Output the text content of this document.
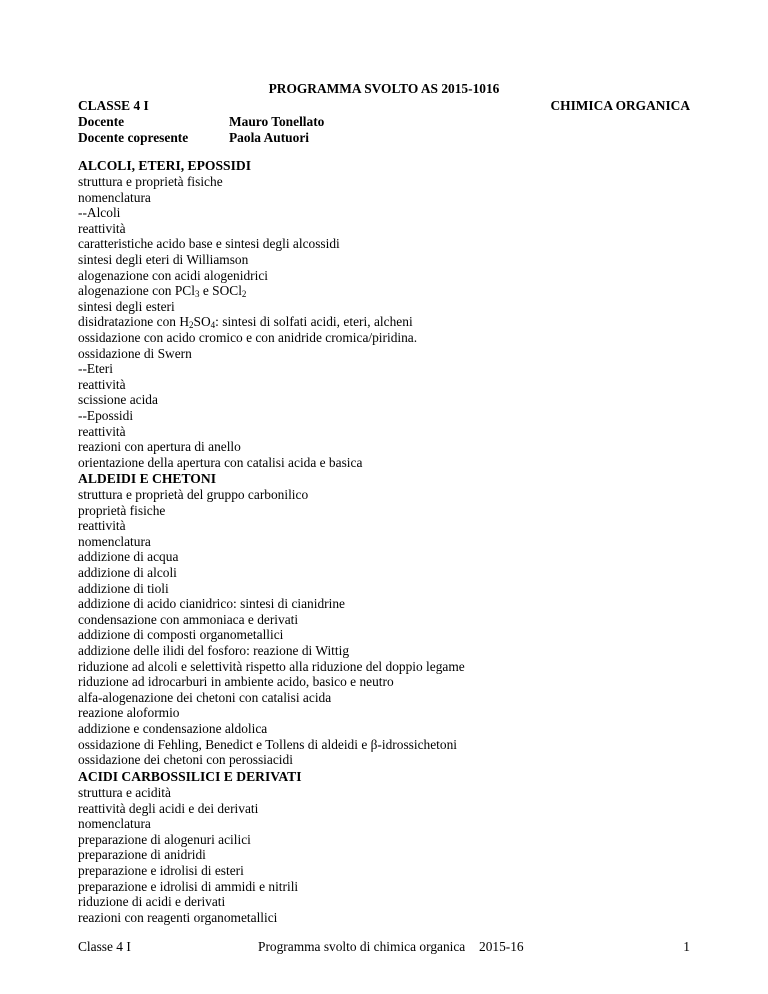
PROGRAMMA SVOLTO AS 2015-1016
CLASSE 4 I	CHIMICA ORGANICA
Docente	Mauro Tonellato
Docente copresente	Paola Autuori
ALCOLI, ETERI, EPOSSIDI
struttura e proprietà fisiche
nomenclatura
--Alcoli
reattività
caratteristiche acido base e sintesi degli alcossidi
sintesi degli eteri di Williamson
alogenazione con acidi alogenidrici
alogenazione con PCl$_3$ e SOCl$_2$
sintesi degli esteri
disidratazione con $H_2SO_4$: sintesi di solfati acidi, eteri, alcheni
ossidazione con acido cromico e con anidride cromica/piridina.
ossidazione di Swern
--Eteri
reattività
scissione acida
--Epossidi
reattività
reazioni con apertura di anello
orientazione della apertura con catalisi acida e basica
ALDEIDI E CHETONI
struttura e proprietà del gruppo carbonilico
proprietà fisiche
reattività
nomenclatura
addizione di acqua
addizione di alcoli
addizione di tioli
addizione di acido cianidrico: sintesi di cianidrine
condensazione con ammoniaca e derivati
addizione di composti organometallici
addizione delle ilidi del fosforo: reazione di Wittig
riduzione ad alcoli e selettività rispetto alla riduzione del doppio legame
riduzione ad idrocarburi in ambiente acido, basico e neutro
alfa-alogenazione dei chetoni con catalisi acida
reazione aloformio
addizione e condensazione aldolica
ossidazione di Fehling, Benedict e Tollens di aldeidi e β-idrossichetoni
ossidazione dei chetoni con perossiacidi
ACIDI CARBOSSILICI E DERIVATI
struttura e acidità
reattività degli acidi e dei derivati
nomenclatura
preparazione di alogenuri acilici
preparazione di anidridi
preparazione e idrolisi di esteri
preparazione e idrolisi di ammidi e nitrili
riduzione di acidi e derivati
reazioni con reagenti organometallici
Classe 4 I	Programma svolto di chimica organica 2015-16	1
